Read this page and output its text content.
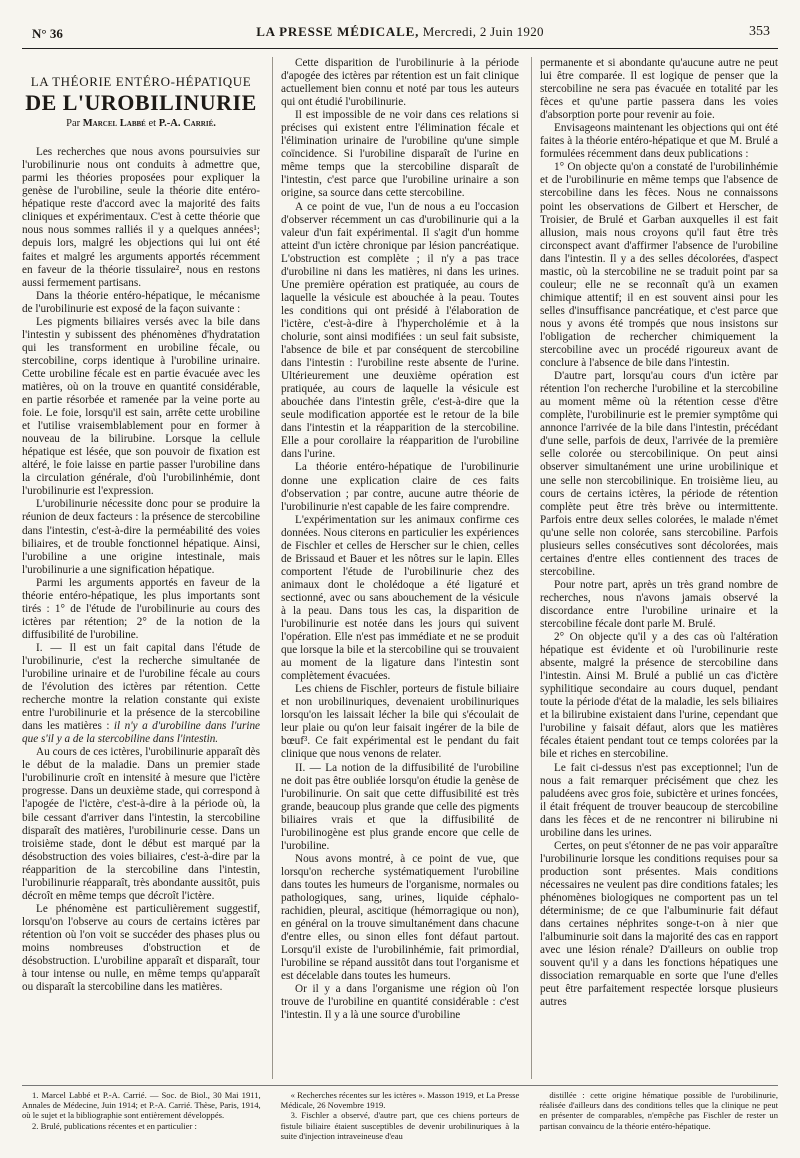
N° 36	LA PRESSE MÉDICALE, Mercredi, 2 Juin 1920	353
LA THÉORIE ENTÉRO-HÉPATIQUE
DE L'UROBILINURIE
Par Marcel Labbé et P.-A. Carrié.

Les recherches que nous avons poursuivies sur l'urobilinurie nous ont conduits à admettre que, parmi les théories proposées pour expliquer la genèse de l'urobiline, seule la théorie dite entéro-hépatique reste d'accord avec la majorité des faits cliniques et expérimentaux. C'est à cette théorie que nous nous sommes ralliés il y a quelques années¹; depuis lors, malgré les objections qui lui ont été faites et malgré les arguments apportés récemment en faveur de la théorie tissulaire², nous en restons aussi fermement partisans.

Dans la théorie entéro-hépatique, le mécanisme de l'urobilinurie est exposé de la façon suivante :

Les pigments biliaires versés avec la bile dans l'intestin y subissent des phénomènes d'hydratation qui les transforment en urobiline fécale, ou stercobiline, corps identique à l'urobiline urinaire. Cette urobiline fécale est en partie évacuée avec les matières, où on la trouve en quantité considérable, en partie résorbée et ramenée par la veine porte au foie. Le foie, lorsqu'il est sain, arrête cette urobiline et l'utilise vraisemblablement pour en former à nouveau de la bilirubine. Lorsque la cellule hépatique est lésée, que son pouvoir de fixation est altéré, le foie laisse en partie passer l'urobiline dans la circulation générale, d'où l'urobilinhémie, dont l'urobilinurie est l'expression.

L'urobilinurie nécessite donc pour se produire la réunion de deux facteurs : la présence de stercobiline dans l'intestin, c'est-à-dire la perméabilité des voies biliaires, et de trouble fonctionnel hépatique. Ainsi, l'urobiline a une origine intestinale, mais l'urobilinurie a une signification hépatique.

Parmi les arguments apportés en faveur de la théorie entéro-hépatique, les plus importants sont tirés : 1° de l'étude de l'urobilinurie au cours des ictères par rétention; 2° de la notion de la diffusibilité de l'urobiline.

I. — Il est un fait capital dans l'étude de l'urobilinurie, c'est la recherche simultanée de l'urobiline urinaire et de l'urobiline fécale au cours de l'évolution des ictères par rétention. Cette recherche montre la relation constante qui existe entre l'urobilinurie et la présence de la stercobiline dans les matières : il n'y a d'urobiline dans l'urine que s'il y a de la stercobiline dans l'intestin.

Au cours de ces ictères, l'urobilinurie apparaît dès le début de la maladie. Dans un premier stade l'urobilinurie croît en intensité à mesure que l'ictère progresse. Dans un deuxième stade, qui correspond à l'apogée de l'ictère, c'est-à-dire à la période où, la bile cessant d'arriver dans l'intestin, la stercobiline disparaît des matières, l'urobilinurie cesse. Dans un troisième stade, dont le début est marqué par la désobstruction des voies biliaires, c'est-à-dire par la réapparition de la stercobiline dans l'intestin, l'urobilinurie réapparaît, très abondante aussitôt, puis décroît en même temps que décroît l'ictère.

Le phénomène est particulièrement suggestif, lorsqu'on l'observe au cours de certains ictères par rétention où l'on voit se succéder des phases plus ou moins nombreuses d'obstruction et de désobstruction. L'urobiline apparaît et disparaît, tour à tour intense ou nulle, en même temps qu'apparaît ou disparaît la stercobiline dans les matières.

Cette disparition de l'urobilinurie à la période d'apogée des ictères par rétention est un fait clinique actuellement bien connu et noté par tous les auteurs qui ont étudié l'urobilinurie.

Il est impossible de ne voir dans ces relations si précises qui existent entre l'élimination fécale et l'élimination urinaire de l'urobiline qu'une simple coïncidence. Si l'urobiline disparaît de l'urine en même temps que la stercobiline disparaît de l'intestin, c'est parce que l'urobiline urinaire a son origine, sa source dans cette stercobiline.

A ce point de vue, l'un de nous a eu l'occasion d'observer récemment un cas d'urobilinurie qui a la valeur d'un fait expérimental. Il s'agit d'un homme atteint d'un ictère chronique par lésion pancréatique. L'obstruction est complète ; il n'y a pas trace d'urobiline ni dans les matières, ni dans les urines. Une première opération est pratiquée, au cours de laquelle la vésicule est abouchée à la peau. Toutes les conditions qui ont présidé à l'élaboration de l'ictère, c'est-à-dire à l'hypercholémie et à la cholurie, sont ainsi modifiées : un seul fait subsiste, l'absence de bile et par conséquent de stercobiline dans l'intestin : l'urobiline reste absente de l'urine. Ultérieurement une deuxième opération est pratiquée, au cours de laquelle la vésicule est abouchée dans l'intestin grêle, c'est-à-dire que la seule modification apportée est le retour de la bile dans l'intestin et la réapparition de la stercobiline. Elle a pour corollaire la réapparition de l'urobiline dans l'urine.

La théorie entéro-hépatique de l'urobilinurie donne une explication claire de ces faits d'observation ; par contre, aucune autre théorie de l'urobilinurie n'est capable de les faire comprendre.

L'expérimentation sur les animaux confirme ces données. Nous citerons en particulier les expériences de Fischler et celles de Herscher sur le chien, celles de Brissaud et Bauer et les nôtres sur le lapin. Elles comportent l'étude de l'urobilinurie chez des animaux dont le cholédoque a été ligaturé et sectionné, avec ou sans abouchement de la vésicule à la peau. Dans tous les cas, la disparition de l'urobilinurie est notée dans les jours qui suivent l'opération. Elle n'est pas immédiate et ne se produit que lorsque la bile et la stercobiline qui se trouvaient au moment de la ligature dans l'intestin sont complètement évacuées.

Les chiens de Fischler, porteurs de fistule biliaire et non urobilinuriques, devenaient urobilinuriques lorsqu'on les laissait lécher la bile qui s'écoulait de leur plaie ou qu'on leur faisait ingérer de la bile de bœuf³. Ce fait expérimental est le pendant du fait clinique que nous venons de relater.

II. — La notion de la diffusibilité de l'urobiline ne doit pas être oubliée lorsqu'on étudie la genèse de l'urobilinurie. On sait que cette diffusibilité est très grande, beaucoup plus grande que celle des pigments biliaires vrais et que la diffusibilité de l'urobilinogène est plus grande encore que celle de l'urobiline.

Nous avons montré, à ce point de vue, que lorsqu'on recherche systématiquement l'urobiline dans toutes les humeurs de l'organisme, normales ou pathologiques, sang, urines, liquide céphalo-rachidien, pleural, ascitique (hémorragique ou non), en général on la trouve simultanément dans chacune d'entre elles, ou sinon elles font défaut partout. Lorsqu'il existe de l'urobilinhémie, fait primordial, l'urobiline se répand aussitôt dans tout l'organisme et est décelable dans toutes les humeurs.

Or il y a dans l'organisme une région où l'on trouve de l'urobiline en quantité considérable : c'est l'intestin. Il y a là une source d'urobiline

permanente et si abondante qu'aucune autre ne peut lui être comparée. Il est logique de penser que la stercobiline ne sera pas évacuée en totalité par les fèces et qu'une partie passera dans les voies d'absorption porte pour revenir au foie.

Envisageons maintenant les objections qui ont été faites à la théorie entéro-hépatique et que M. Brulé a formulées récemment dans deux publications :

1° On objecte qu'on a constaté de l'urobilinhémie et de l'urobilinurie en même temps que l'absence de stercobiline dans les fèces. Nous ne connaissons point les observations de Gilbert et Herscher, de Troisier, de Brulé et Garban auxquelles il est fait allusion, mais nous croyons qu'il faut être très circonspect avant d'affirmer l'absence de l'urobiline dans l'intestin. Il y a des selles décolorées, d'aspect mastic, où la stercobiline ne se traduit point par sa couleur; elle ne se reconnaît qu'à un examen chimique attentif; il en est souvent ainsi pour les selles d'insuffisance pancréatique, et c'est parce que nous y avons été trompés que nous insistons sur l'obligation de rechercher chimiquement la stercobiline avec un procédé rigoureux avant de conclure à l'absence de bile dans l'intestin.

D'autre part, lorsqu'au cours d'un ictère par rétention l'on recherche l'urobiline et la stercobiline au moment même où la rétention cesse d'être complète, l'urobilinurie est le premier symptôme qui annonce l'arrivée de la bile dans l'intestin, précédant d'une selle, parfois de deux, l'arrivée de la première selle colorée ou stercobilinique. On peut ainsi observer simultanément une urine urobilinique et une selle non stercobilinique. En troisième lieu, au cours de certains ictères, la période de rétention complète peut être très brève ou intermittente. Parfois entre deux selles colorées, le malade n'émet qu'une selle non colorée, sans stercobiline. Parfois plusieurs selles consécutives sont décolorées, mais certaines d'entre elles contiennent des traces de stercobiline.

Pour notre part, après un très grand nombre de recherches, nous n'avons jamais observé la discordance entre l'urobiline urinaire et la stercobiline fécale dont parle M. Brulé.

2° On objecte qu'il y a des cas où l'altération hépatique est évidente et où l'urobilinurie reste absente, malgré la présence de stercobiline dans l'intestin. Ainsi M. Brulé a publié un cas d'ictère syphilitique secondaire au cours duquel, pendant toute la période d'état de la maladie, les sels biliaires et la bilirubine existaient dans l'urine, cependant que l'urobiline y faisait défaut, alors que les matières fécales étaient pendant tout ce temps colorées par la bile et riches en stercobiline.

Le fait ci-dessus n'est pas exceptionnel; l'un de nous a fait remarquer précisément que chez les paludéens avec gros foie, subictère et urines foncées, il était fréquent de trouver beaucoup de stercobiline dans les fèces et de ne rencontrer ni bilirubine ni urobiline dans les urines.

Certes, on peut s'étonner de ne pas voir apparaître l'urobilinurie lorsque les conditions requises pour sa production sont présentes. Mais conditions nécessaires ne veulent pas dire conditions fatales; les phénomènes biologiques ne comportent pas un tel déterminisme; de ce que l'albuminurie fait défaut dans certaines néphrites songe-t-on à nier que l'albuminurie soit dans la majorité des cas en rapport avec une lésion rénale? D'ailleurs on oublie trop souvent qu'il y a dans les fonctions hépatiques une dissociation remarquable en sorte que l'une d'elles peut être parfaitement respectée lorsque plusieurs autres

1. Marcel Labbé et P.-A. Carrié. — Soc. de Biol., 30 Mai 1911, Annales de Médecine, Juin 1914; et P.-A. Carrié. Thèse, Paris, 1914, où le sujet et la bibliographie sont entièrement développés.

2. Brulé, publications récentes et en particulier :

« Recherches récentes sur les ictères ». Masson 1919, et La Presse Médicale, 26 Novembre 1919.

3. Fischler a observé, d'autre part, que ces chiens porteurs de fistule biliaire étaient susceptibles de devenir urobilinuriques à la suite d'injection intraveineuse d'eau

distillée : cette origine hématique possible de l'urobilinurie, réalisée d'ailleurs dans des conditions telles que la clinique ne peut en présenter de comparables, n'empêche pas Fischler de rester un partisan convaincu de la théorie entéro-hépatique.
